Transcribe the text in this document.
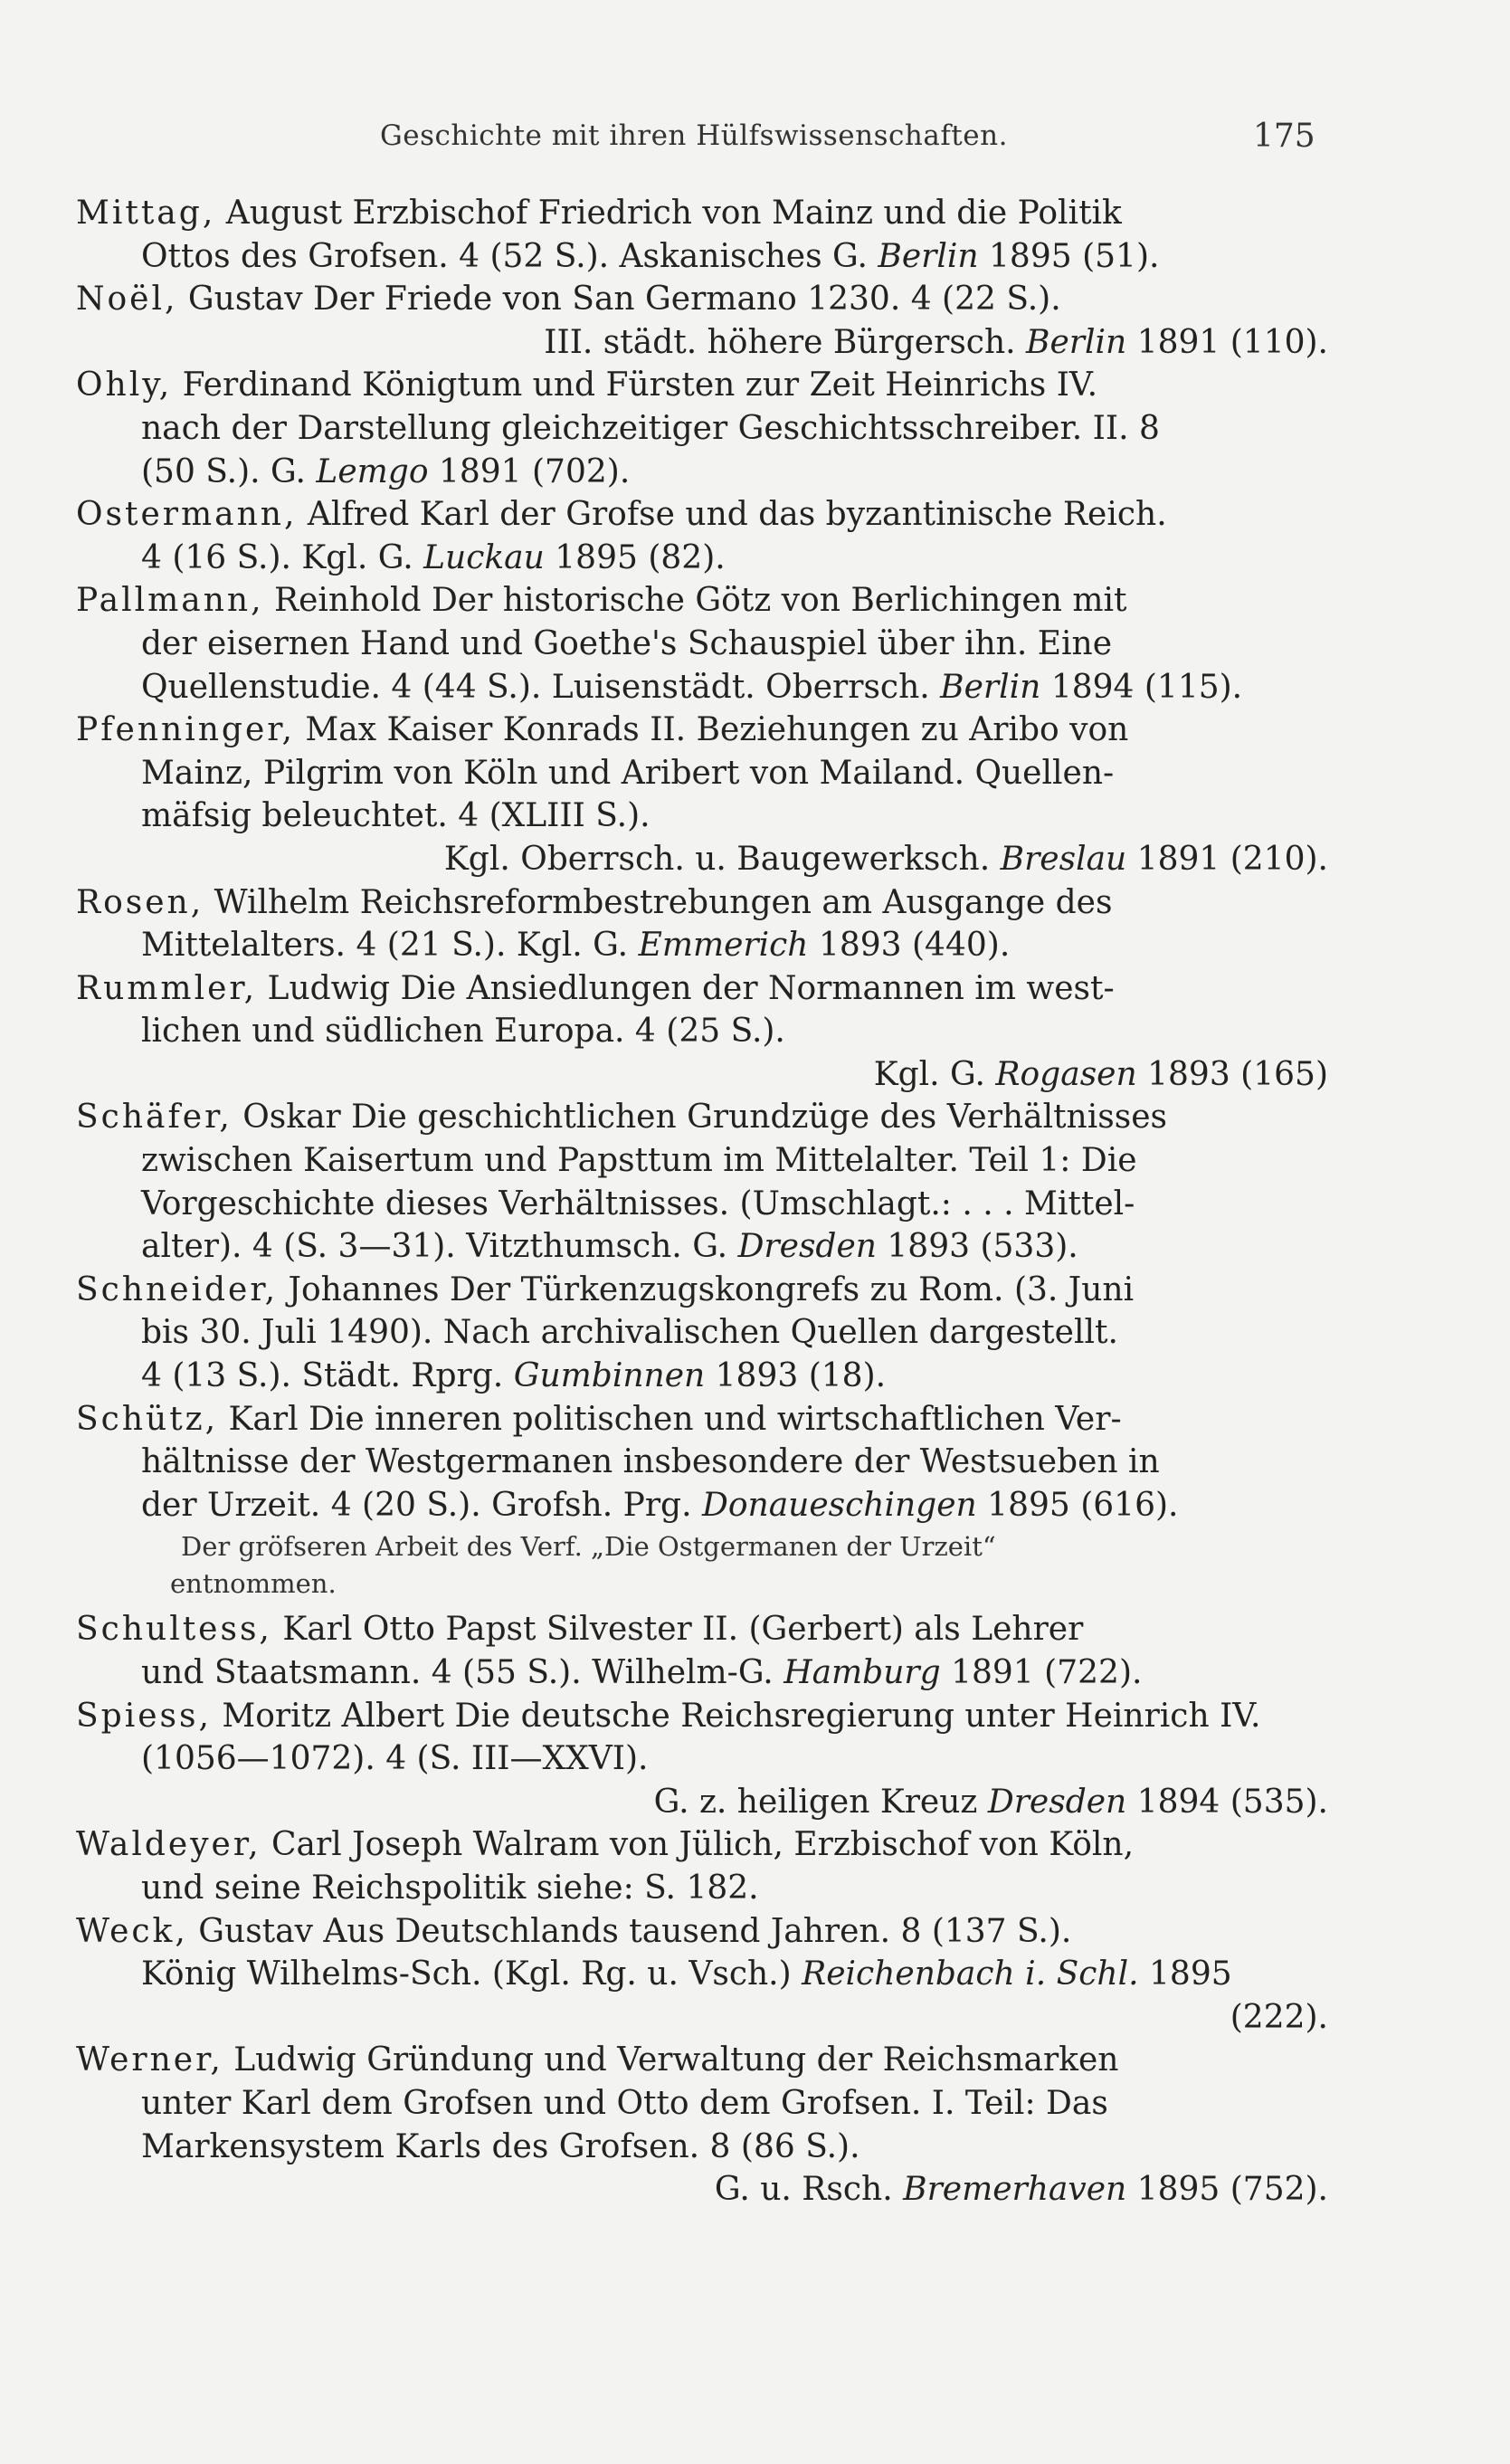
Geschichte mit ihren Hülfswissenschaften.	175

Mittag, August Erzbischof Friedrich von Mainz und die Politik
Ottos des Grofsen. 4 (52 S.). Askanisches G. Berlin 1895 (51).

Noël, Gustav Der Friede von San Germano 1230. 4 (22 S.).
III. städt. höhere Bürgersch. Berlin 1891 (110).

Ohly, Ferdinand Königtum und Fürsten zur Zeit Heinrichs IV.
nach der Darstellung gleichzeitiger Geschichtsschreiber. II. 8
(50 S.). G. Lemgo 1891 (702).

Ostermann, Alfred Karl der Grofse und das byzantinische Reich.
4 (16 S.). Kgl. G. Luckau 1895 (82).

Pallmann, Reinhold Der historische Götz von Berlichingen mit
der eisernen Hand und Goethe's Schauspiel über ihn. Eine
Quellenstudie. 4 (44 S.). Luisenstädt. Oberrsch. Berlin 1894 (115).

Pfenninger, Max Kaiser Konrads II. Beziehungen zu Aribo von
Mainz, Pilgrim von Köln und Aribert von Mailand. Quellen-
mäfsig beleuchtet. 4 (XLIII S.).
Kgl. Oberrsch. u. Baugewerksch. Breslau 1891 (210).

Rosen, Wilhelm Reichsreformbestrebungen am Ausgange des
Mittelalters. 4 (21 S.). Kgl. G. Emmerich 1893 (440).

Rummler, Ludwig Die Ansiedlungen der Normannen im west-
lichen und südlichen Europa. 4 (25 S.).
Kgl. G. Rogasen 1893 (165)

Schäfer, Oskar Die geschichtlichen Grundzüge des Verhältnisses
zwischen Kaisertum und Papsttum im Mittelalter. Teil 1: Die
Vorgeschichte dieses Verhältnisses. (Umschlagt.: . . . Mittel-
alter). 4 (S. 3—31). Vitzthumsch. G. Dresden 1893 (533).

Schneider, Johannes Der Türkenzugskongrefs zu Rom. (3. Juni
bis 30. Juli 1490). Nach archivalischen Quellen dargestellt.
4 (13 S.). Städt. Rprg. Gumbinnen 1893 (18).

Schütz, Karl Die inneren politischen und wirtschaftlichen Ver-
hältnisse der Westgermanen insbesondere der Westsueben in
der Urzeit. 4 (20 S.). Grofsh. Prg. Donaueschingen 1895 (616).

Der gröfseren Arbeit des Verf. „Die Ostgermanen der Urzeit“
entnommen.

Schultess, Karl Otto Papst Silvester II. (Gerbert) als Lehrer
und Staatsmann. 4 (55 S.). Wilhelm-G. Hamburg 1891 (722).

Spiess, Moritz Albert Die deutsche Reichsregierung unter Heinrich IV.
(1056—1072). 4 (S. III—XXVI).
G. z. heiligen Kreuz Dresden 1894 (535).

Waldeyer, Carl Joseph Walram von Jülich, Erzbischof von Köln,
und seine Reichspolitik siehe: S. 182.

Weck, Gustav Aus Deutschlands tausend Jahren. 8 (137 S.).
König Wilhelms-Sch. (Kgl. Rg. u. Vsch.) Reichenbach i. Schl. 1895
(222).

Werner, Ludwig Gründung und Verwaltung der Reichsmarken
unter Karl dem Grofsen und Otto dem Grofsen. I. Teil: Das
Markensystem Karls des Grofsen. 8 (86 S.).
G. u. Rsch. Bremerhaven 1895 (752).
